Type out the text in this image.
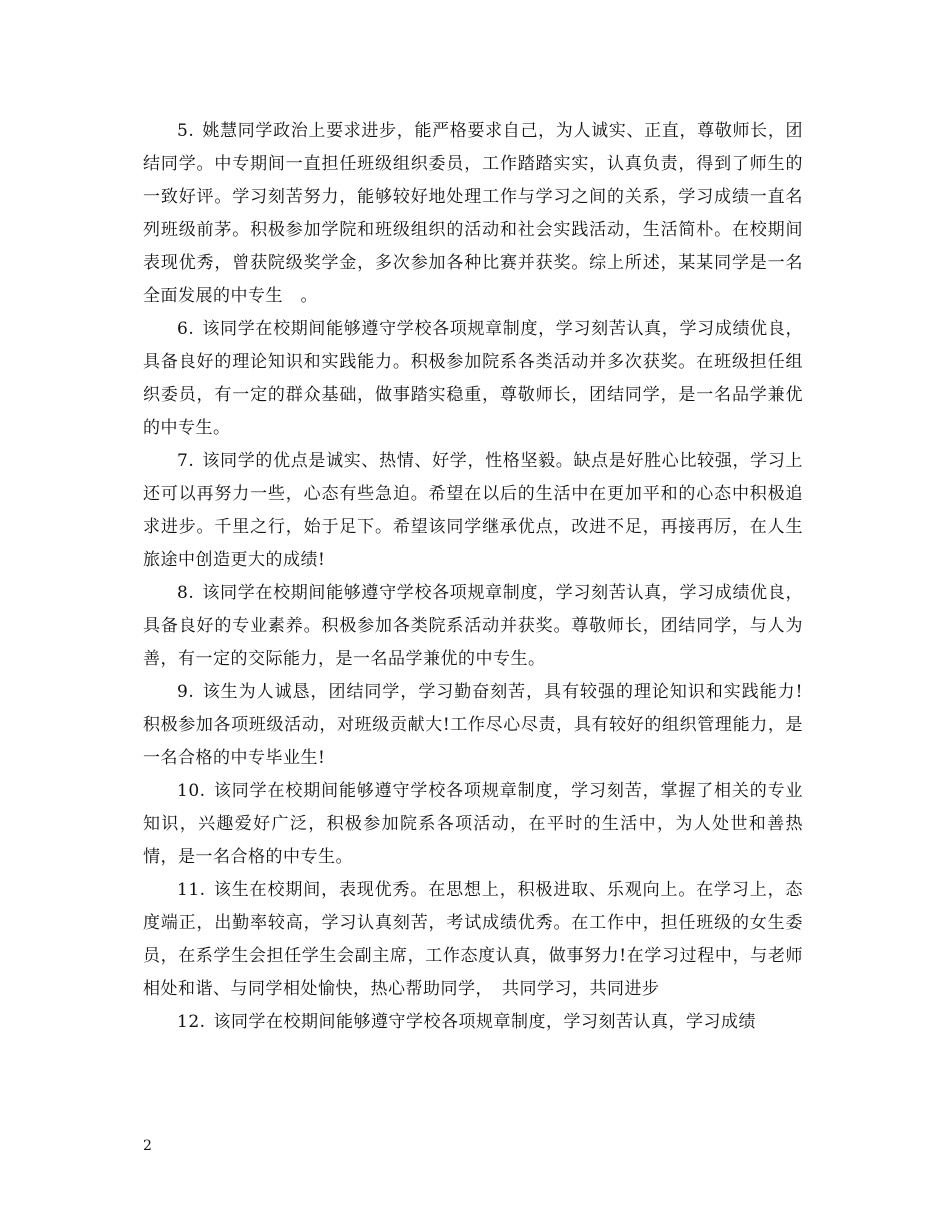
5. 姚慧同学政治上要求进步，能严格要求自己，为人诚实、正直，尊敬师长，团结同学。中专期间一直担任班级组织委员，工作踏踏实实，认真负责，得到了师生的一致好评。学习刻苦努力，能够较好地处理工作与学习之间的关系，学习成绩一直名列班级前茅。积极参加学院和班级组织的活动和社会实践活动，生活简朴。在校期间表现优秀，曾获院级奖学金，多次参加各种比赛并获奖。综上所述，某某同学是一名全面发展的中专生　。

6. 该同学在校期间能够遵守学校各项规章制度，学习刻苦认真，学习成绩优良，具备良好的理论知识和实践能力。积极参加院系各类活动并多次获奖。在班级担任组织委员，有一定的群众基础，做事踏实稳重，尊敬师长，团结同学，是一名品学兼优的中专生。

7. 该同学的优点是诚实、热情、好学，性格坚毅。缺点是好胜心比较强，学习上还可以再努力一些，心态有些急迫。希望在以后的生活中在更加平和的心态中积极追求进步。千里之行，始于足下。希望该同学继承优点，改进不足，再接再厉，在人生旅途中创造更大的成绩!

8. 该同学在校期间能够遵守学校各项规章制度，学习刻苦认真，学习成绩优良，具备良好的专业素养。积极参加各类院系活动并获奖。尊敬师长，团结同学，与人为善，有一定的交际能力，是一名品学兼优的中专生。

9. 该生为人诚恳，团结同学，学习勤奋刻苦，具有较强的理论知识和实践能力!积极参加各项班级活动，对班级贡献大!工作尽心尽责，具有较好的组织管理能力，是一名合格的中专毕业生!

10. 该同学在校期间能够遵守学校各项规章制度，学习刻苦，掌握了相关的专业知识，兴趣爱好广泛，积极参加院系各项活动，在平时的生活中，为人处世和善热情，是一名合格的中专生。

11. 该生在校期间，表现优秀。在思想上，积极进取、乐观向上。在学习上，态度端正，出勤率较高，学习认真刻苦，考试成绩优秀。在工作中，担任班级的女生委员，在系学生会担任学生会副主席，工作态度认真，做事努力!在学习过程中，与老师相处和谐、与同学相处愉快，热心帮助同学，　共同学习，共同进步

12. 该同学在校期间能够遵守学校各项规章制度，学习刻苦认真，学习成绩

2
